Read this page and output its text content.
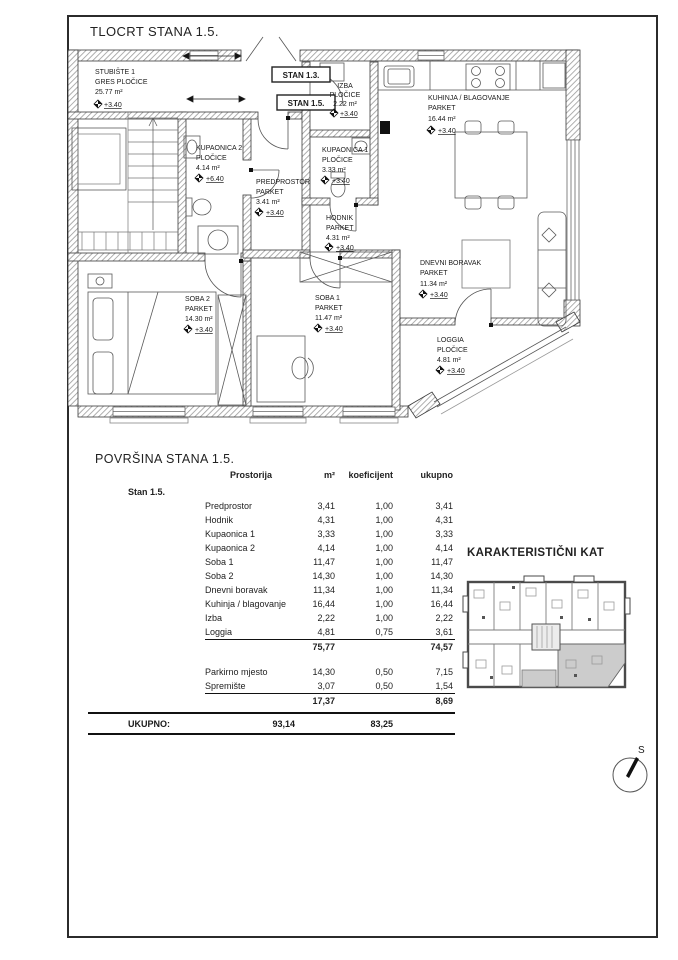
TLOCRT STANA 1.5.
STAN 1.3.
STAN 1.5.
STUBIŠTE 1
GRES PLOČICE
25.77 m²
+3.40
IZBA
PLOČICE
2.22 m²
+3.40
KUHINJA / BLAGOVANJE
PARKET
16.44 m²
+3.40
KUPAONICA 2
PLOČICE
4.14 m²
+6.40
KUPAONICA 1
PLOČICE
3.33 m²
+3.40
PREDPROSTOR
PARKET
3.41 m²
+3.40
HODNIK
PARKET
4.31 m²
+3.40
DNEVNI BORAVAK
PARKET
11.34 m²
+3.40
SOBA 1
PARKET
11.47 m²
+3.40
SOBA 2
PARKET
14.30 m²
+3.40
LOGGIA
PLOČICE
4.81 m²
+3.40
POVRŠINA STANA 1.5.
Stan 1.5.
Prostorija	m²	koeficijent	ukupno
Predprostor	3,41	1,00	3,41
Hodnik	4,31	1,00	4,31
Kupaonica 1	3,33	1,00	3,33
Kupaonica 2	4,14	1,00	4,14
Soba 1	11,47	1,00	11,47
Soba 2	14,30	1,00	14,30
Dnevni boravak	11,34	1,00	11,34
Kuhinja / blagovanje	16,44	1,00	16,44
Izba	2,22	1,00	2,22
Loggia	4,81	0,75	3,61
75,77	74,57
Parkirno mjesto	14,30	0,50	7,15
Spremište	3,07	0,50	1,54
17,37	8,69
UKUPNO:	93,14	83,25
KARAKTERISTIČNI KAT
S
